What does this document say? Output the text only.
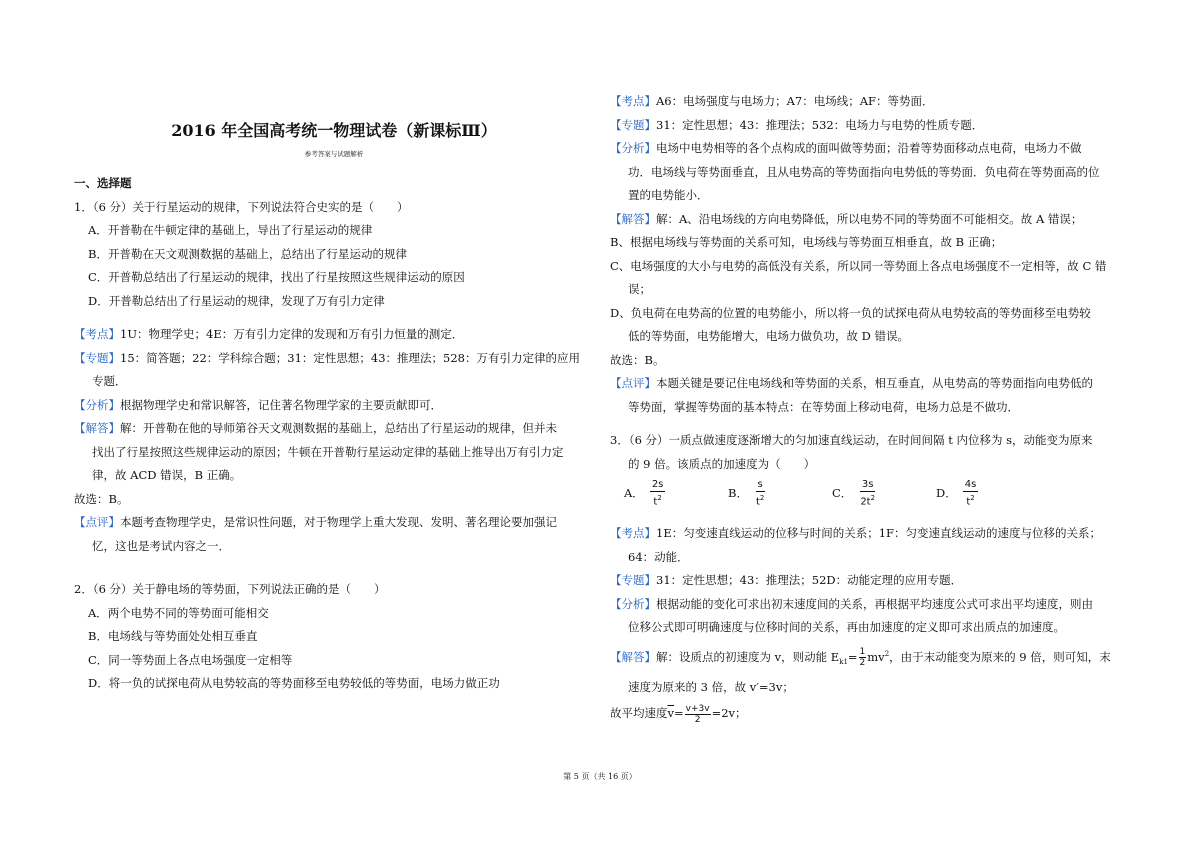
2016 年全国高考统一物理试卷（新课标Ⅲ）

参考答案与试题解析

一、选择题
1．（6 分）关于行星运动的规律，下列说法符合史实的是（　　）
A．开普勒在牛顿定律的基础上，导出了行星运动的规律
B．开普勒在天文观测数据的基础上，总结出了行星运动的规律
C．开普勒总结出了行星运动的规律，找出了行星按照这些规律运动的原因
D．开普勒总结出了行星运动的规律，发现了万有引力定律
【考点】1U：物理学史；4E：万有引力定律的发现和万有引力恒量的测定．
【专题】15：简答题；22：学科综合题；31：定性思想；43：推理法；528：万有引力定律的应用
专题．
【分析】根据物理学史和常识解答，记住著名物理学家的主要贡献即可．
【解答】解：开普勒在他的导师第谷天文观测数据的基础上，总结出了行星运动的规律，但并未
找出了行星按照这些规律运动的原因；牛顿在开普勒行星运动定律的基础上推导出万有引力定
律，故 ACD 错误，B 正确。
故选：B。
【点评】本题考查物理学史，是常识性问题，对于物理学上重大发现、发明、著名理论要加强记
忆，这也是考试内容之一．
2．（6 分）关于静电场的等势面，下列说法正确的是（　　）
A．两个电势不同的等势面可能相交
B．电场线与等势面处处相互垂直
C．同一等势面上各点电场强度一定相等
D．将一负的试探电荷从电势较高的等势面移至电势较低的等势面，电场力做正功
【考点】A6：电场强度与电场力；A7：电场线；AF：等势面．
【专题】31：定性思想；43：推理法；532：电场力与电势的性质专题．
【分析】电场中电势相等的各个点构成的面叫做等势面；沿着等势面移动点电荷，电场力不做
功．电场线与等势面垂直，且从电势高的等势面指向电势低的等势面．负电荷在等势面高的位
置的电势能小．
【解答】解：A、沿电场线的方向电势降低，所以电势不同的等势面不可能相交。故 A 错误；
B、根据电场线与等势面的关系可知，电场线与等势面互相垂直，故 B 正确；
C、电场强度的大小与电势的高低没有关系，所以同一等势面上各点电场强度不一定相等，故 C 错
误；
D、负电荷在电势高的位置的电势能小，所以将一负的试探电荷从电势较高的等势面移至电势较
低的等势面，电势能增大，电场力做负功，故 D 错误。
故选：B。
【点评】本题关键是要记住电场线和等势面的关系，相互垂直，从电势高的等势面指向电势低的
等势面，掌握等势面的基本特点：在等势面上移动电荷，电场力总是不做功．
3．（6 分）一质点做速度逐渐增大的匀加速直线运动，在时间间隔 t 内位移为 s，动能变为原来
的 9 倍。该质点的加速度为（　　）
A． $\frac{2s}{t^2}$	B． $\frac{s}{t^2}$	C． $\frac{3s}{2t^2}$	D． $\frac{4s}{t^2}$
【考点】1E：匀变速直线运动的位移与时间的关系；1F：匀变速直线运动的速度与位移的关系；
64：动能．
【专题】31：定性思想；43：推理法；52D：动能定理的应用专题．
【分析】根据动能的变化可求出初末速度间的关系，再根据平均速度公式可求出平均速度，则由
位移公式即可明确速度与位移时间的关系，再由加速度的定义即可求出质点的加速度。
【解答】解：设质点的初速度为 v，则动能 $E_{k1}= \frac{1}{2} mv^2$，由于末动能变为原来的 9 倍，则可知，末
速度为原来的 3 倍，故 v′=3v；
故平均速度$\overline{v}= \frac{v+3v}{2} =2v$；
第 5 页（共 16 页）
